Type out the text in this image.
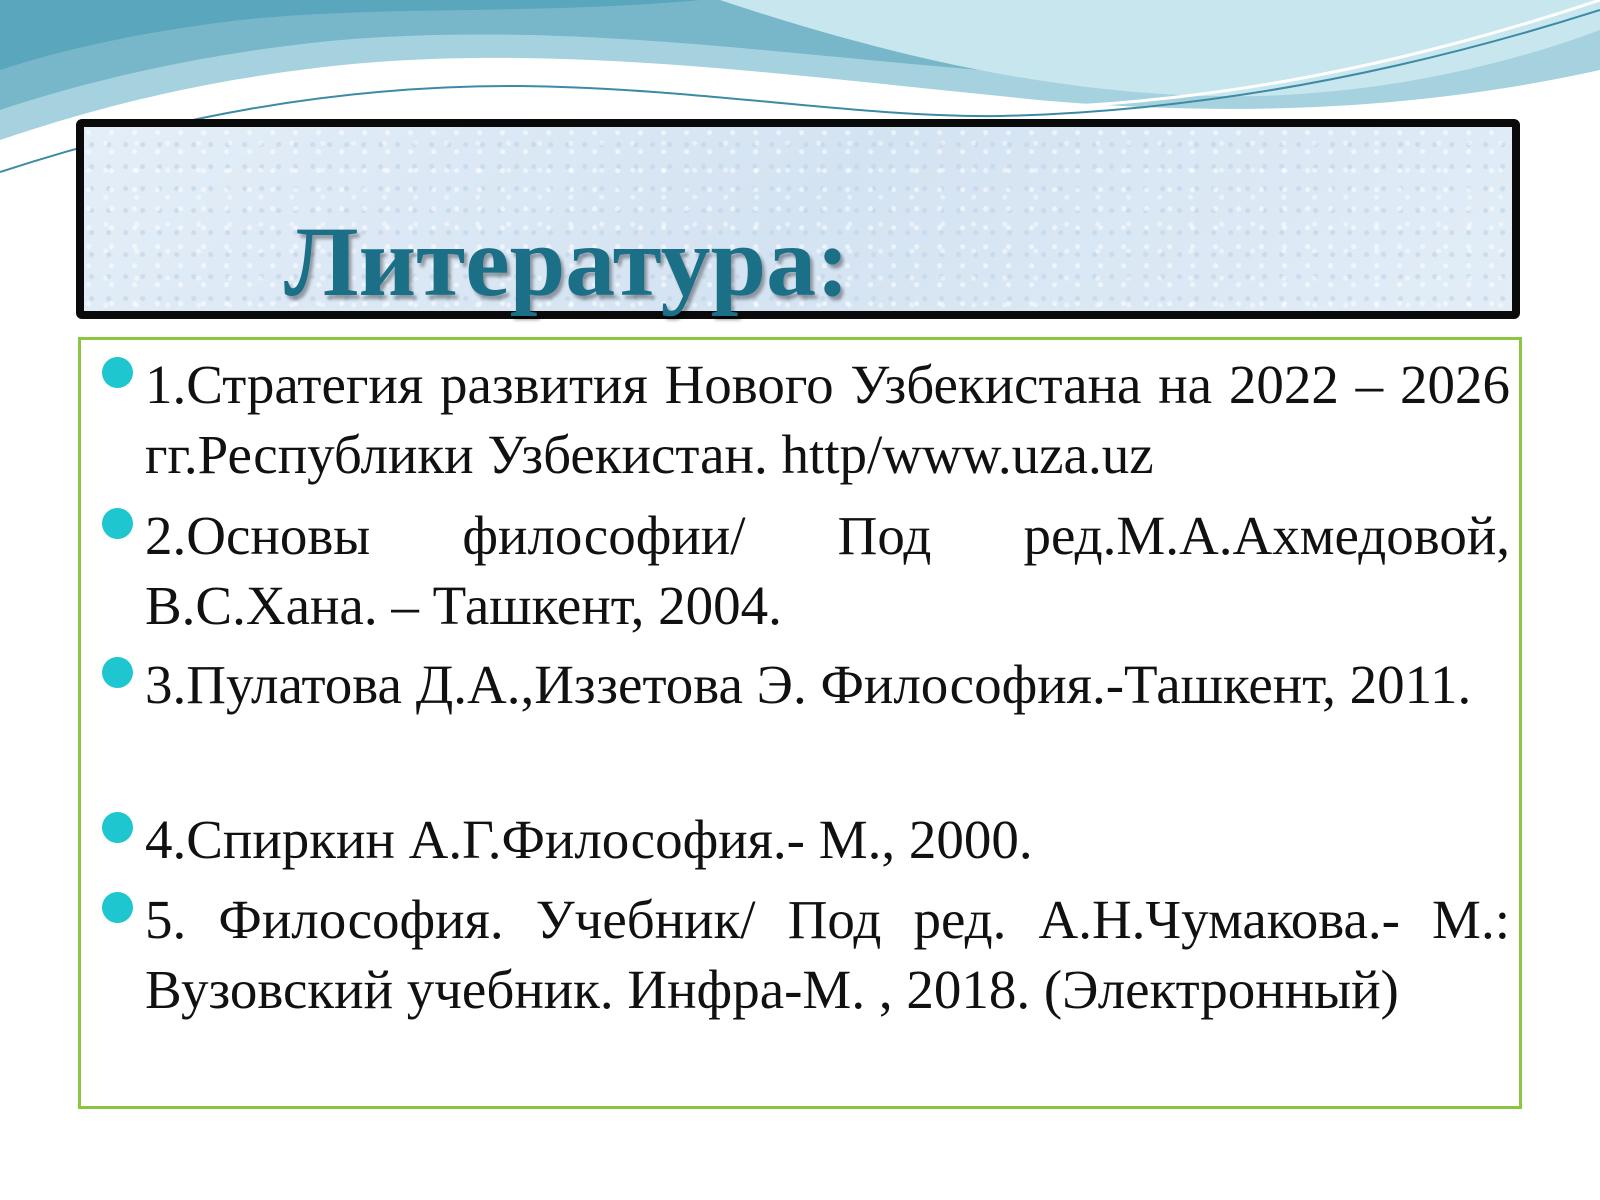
Литература:
1.Стратегия развития Нового Узбекистана на 2022 – 2026 гг.Республики Узбекистан. http/www.uza.uz
2.Основы философии/ Под ред.М.А.Ахмедовой, В.С.Хана. – Ташкент, 2004.
3.Пулатова Д.А.,Иззетова Э. Философия.-Ташкент, 2011.
4.Спиркин А.Г.Философия.- М., 2000.
5. Философия. Учебник/ Под ред. А.Н.Чумакова.- М.: Вузовский учебник. Инфра-М. , 2018. (Электронный)
